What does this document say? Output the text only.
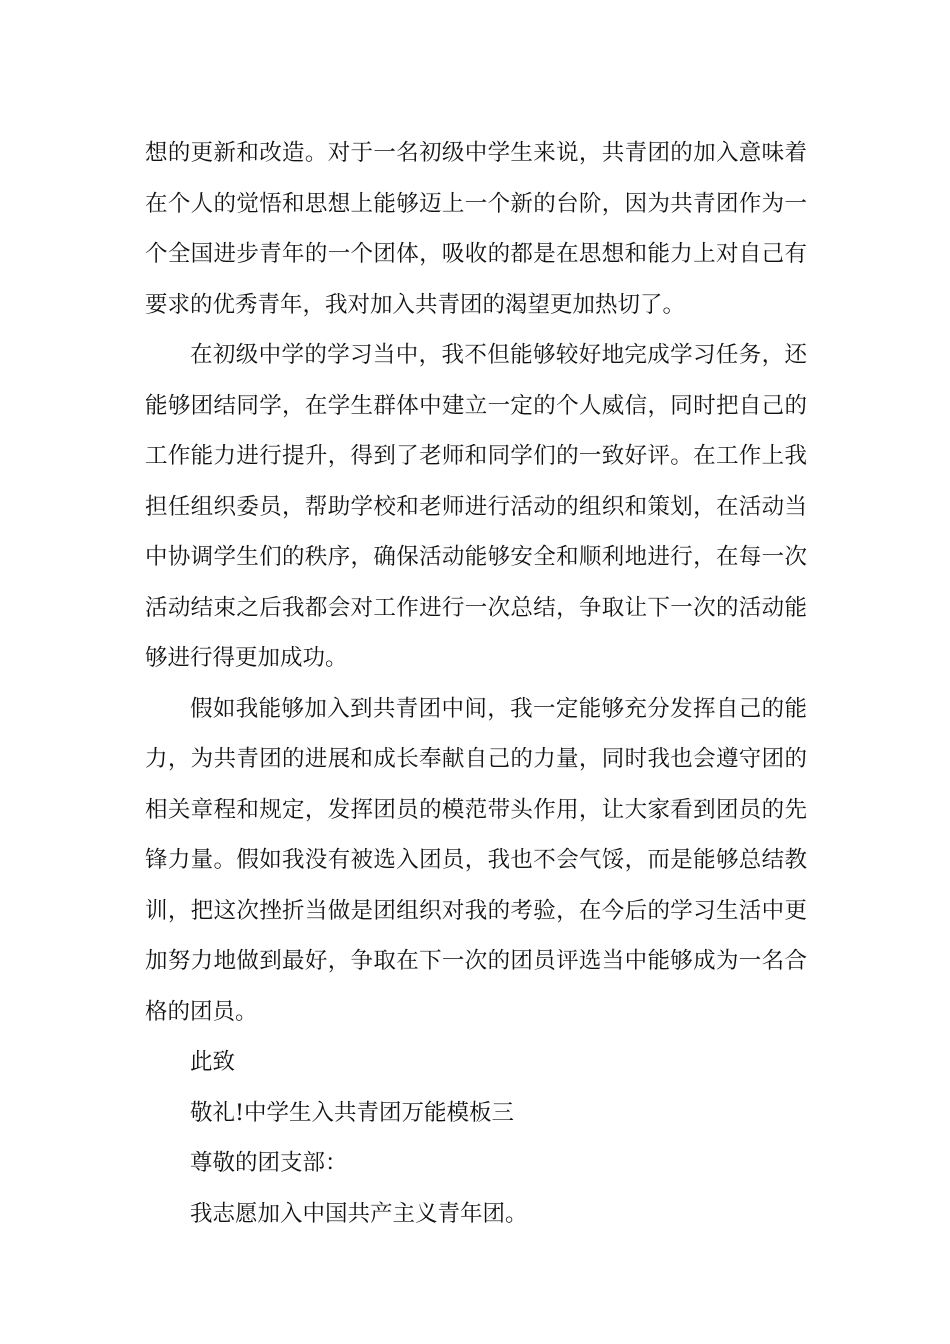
想的更新和改造。对于一名初级中学生来说，共青团的加入意味着在个人的觉悟和思想上能够迈上一个新的台阶，因为共青团作为一个全国进步青年的一个团体，吸收的都是在思想和能力上对自己有要求的优秀青年，我对加入共青团的渴望更加热切了。

在初级中学的学习当中，我不但能够较好地完成学习任务，还能够团结同学，在学生群体中建立一定的个人威信，同时把自己的工作能力进行提升，得到了老师和同学们的一致好评。在工作上我担任组织委员，帮助学校和老师进行活动的组织和策划，在活动当中协调学生们的秩序，确保活动能够安全和顺利地进行，在每一次活动结束之后我都会对工作进行一次总结，争取让下一次的活动能够进行得更加成功。

假如我能够加入到共青团中间，我一定能够充分发挥自己的能力，为共青团的进展和成长奉献自己的力量，同时我也会遵守团的相关章程和规定，发挥团员的模范带头作用，让大家看到团员的先锋力量。假如我没有被选入团员，我也不会气馁，而是能够总结教训，把这次挫折当做是团组织对我的考验，在今后的学习生活中更加努力地做到最好，争取在下一次的团员评选当中能够成为一名合格的团员。

此致

敬礼!中学生入共青团万能模板三

尊敬的团支部：

我志愿加入中国共产主义青年团。
